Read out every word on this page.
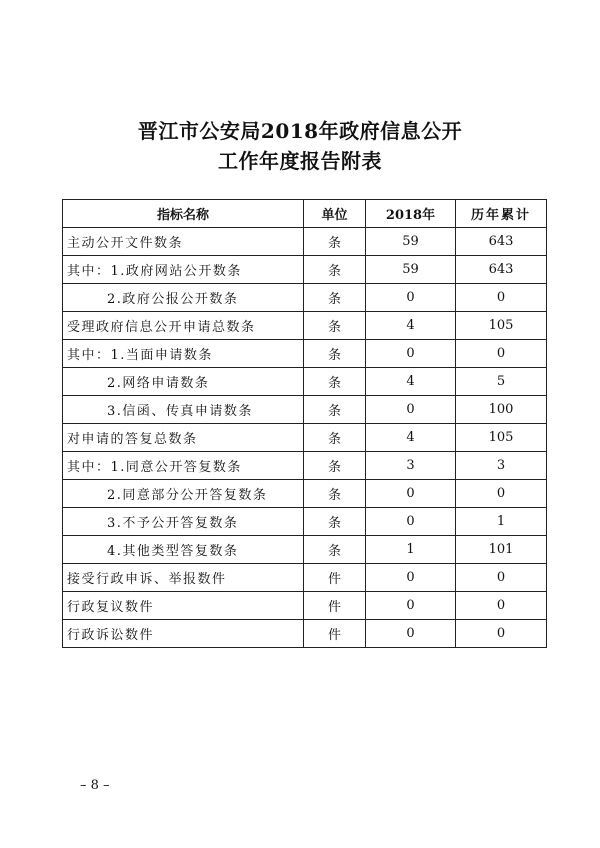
晋江市公安局2018年政府信息公开
工作年度报告附表
指标名称	单位	2018年	历年累计
主动公开文件数条	条	59	643
其中：1.政府网站公开数条	条	59	643
2.政府公报公开数条	条	0	0
受理政府信息公开申请总数条	条	4	105
其中：1.当面申请数条	条	0	0
2.网络申请数条	条	4	5
3.信函、传真申请数条	条	0	100
对申请的答复总数条	条	4	105
其中：1.同意公开答复数条	条	3	3
2.同意部分公开答复数条	条	0	0
3.不予公开答复数条	条	0	1
4.其他类型答复数条	条	1	101
接受行政申诉、举报数件	件	0	0
行政复议数件	件	0	0
行政诉讼数件	件	0	0
– 8 –
